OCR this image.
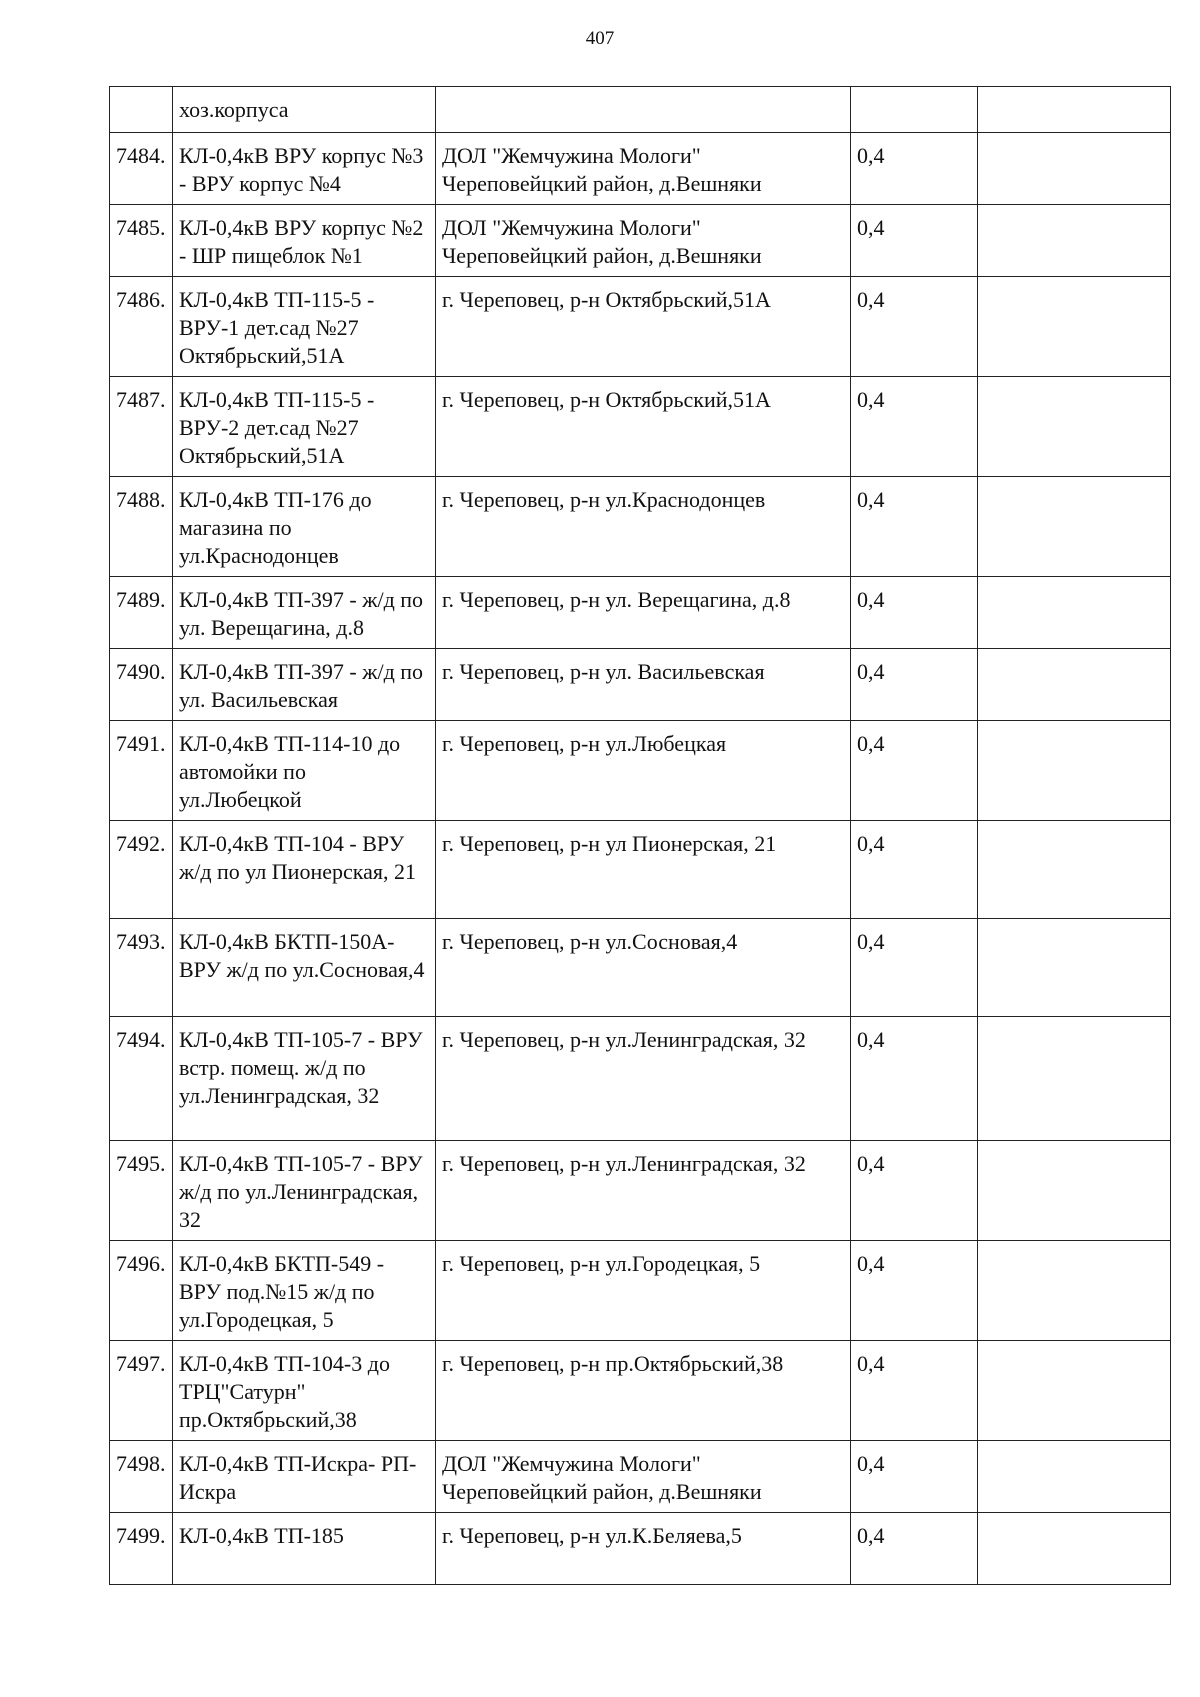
407
	хоз.корпуса			
7484.	КЛ-0,4кВ ВРУ корпус №3 - ВРУ корпус №4	ДОЛ "Жемчужина Мологи" Череповейцкий район, д.Вешняки	0,4	
7485.	КЛ-0,4кВ ВРУ корпус №2 - ШР пищеблок №1	ДОЛ "Жемчужина Мологи" Череповейцкий район, д.Вешняки	0,4	
7486.	КЛ-0,4кВ ТП-115-5 - ВРУ-1 дет.сад №27 Октябрьский,51А	г. Череповец, р-н Октябрьский,51А	0,4	
7487.	КЛ-0,4кВ ТП-115-5 - ВРУ-2 дет.сад №27 Октябрьский,51А	г. Череповец, р-н Октябрьский,51А	0,4	
7488.	КЛ-0,4кВ ТП-176 до магазина по ул.Краснодонцев	г. Череповец, р-н ул.Краснодонцев	0,4	
7489.	КЛ-0,4кВ ТП-397 - ж/д по ул. Верещагина, д.8	г. Череповец, р-н ул. Верещагина, д.8	0,4	
7490.	КЛ-0,4кВ ТП-397 - ж/д по ул. Васильевская	г. Череповец, р-н ул. Васильевская	0,4	
7491.	КЛ-0,4кВ ТП-114-10 до автомойки по ул.Любецкой	г. Череповец, р-н ул.Любецкая	0,4	
7492.	КЛ-0,4кВ ТП-104 - ВРУ ж/д по ул Пионерская, 21	г. Череповец, р-н ул Пионерская, 21	0,4	
7493.	КЛ-0,4кВ БКТП-150А- ВРУ ж/д по ул.Сосновая,4	г. Череповец, р-н ул.Сосновая,4	0,4	
7494.	КЛ-0,4кВ ТП-105-7 - ВРУ встр. помещ. ж/д по ул.Ленинградская, 32	г. Череповец, р-н ул.Ленинградская, 32	0,4	
7495.	КЛ-0,4кВ ТП-105-7 - ВРУ ж/д по ул.Ленинградская, 32	г. Череповец, р-н ул.Ленинградская, 32	0,4	
7496.	КЛ-0,4кВ БКТП-549 - ВРУ под.№15 ж/д по ул.Городецкая, 5	г. Череповец, р-н ул.Городецкая, 5	0,4	
7497.	КЛ-0,4кВ ТП-104-3 до ТРЦ"Сатурн" пр.Октябрьский,38	г. Череповец, р-н пр.Октябрьский,38	0,4	
7498.	КЛ-0,4кВ ТП-Искра- РП-Искра	ДОЛ "Жемчужина Мологи" Череповейцкий район, д.Вешняки	0,4	
7499.	КЛ-0,4кВ ТП-185	г. Череповец, р-н ул.К.Беляева,5	0,4	
